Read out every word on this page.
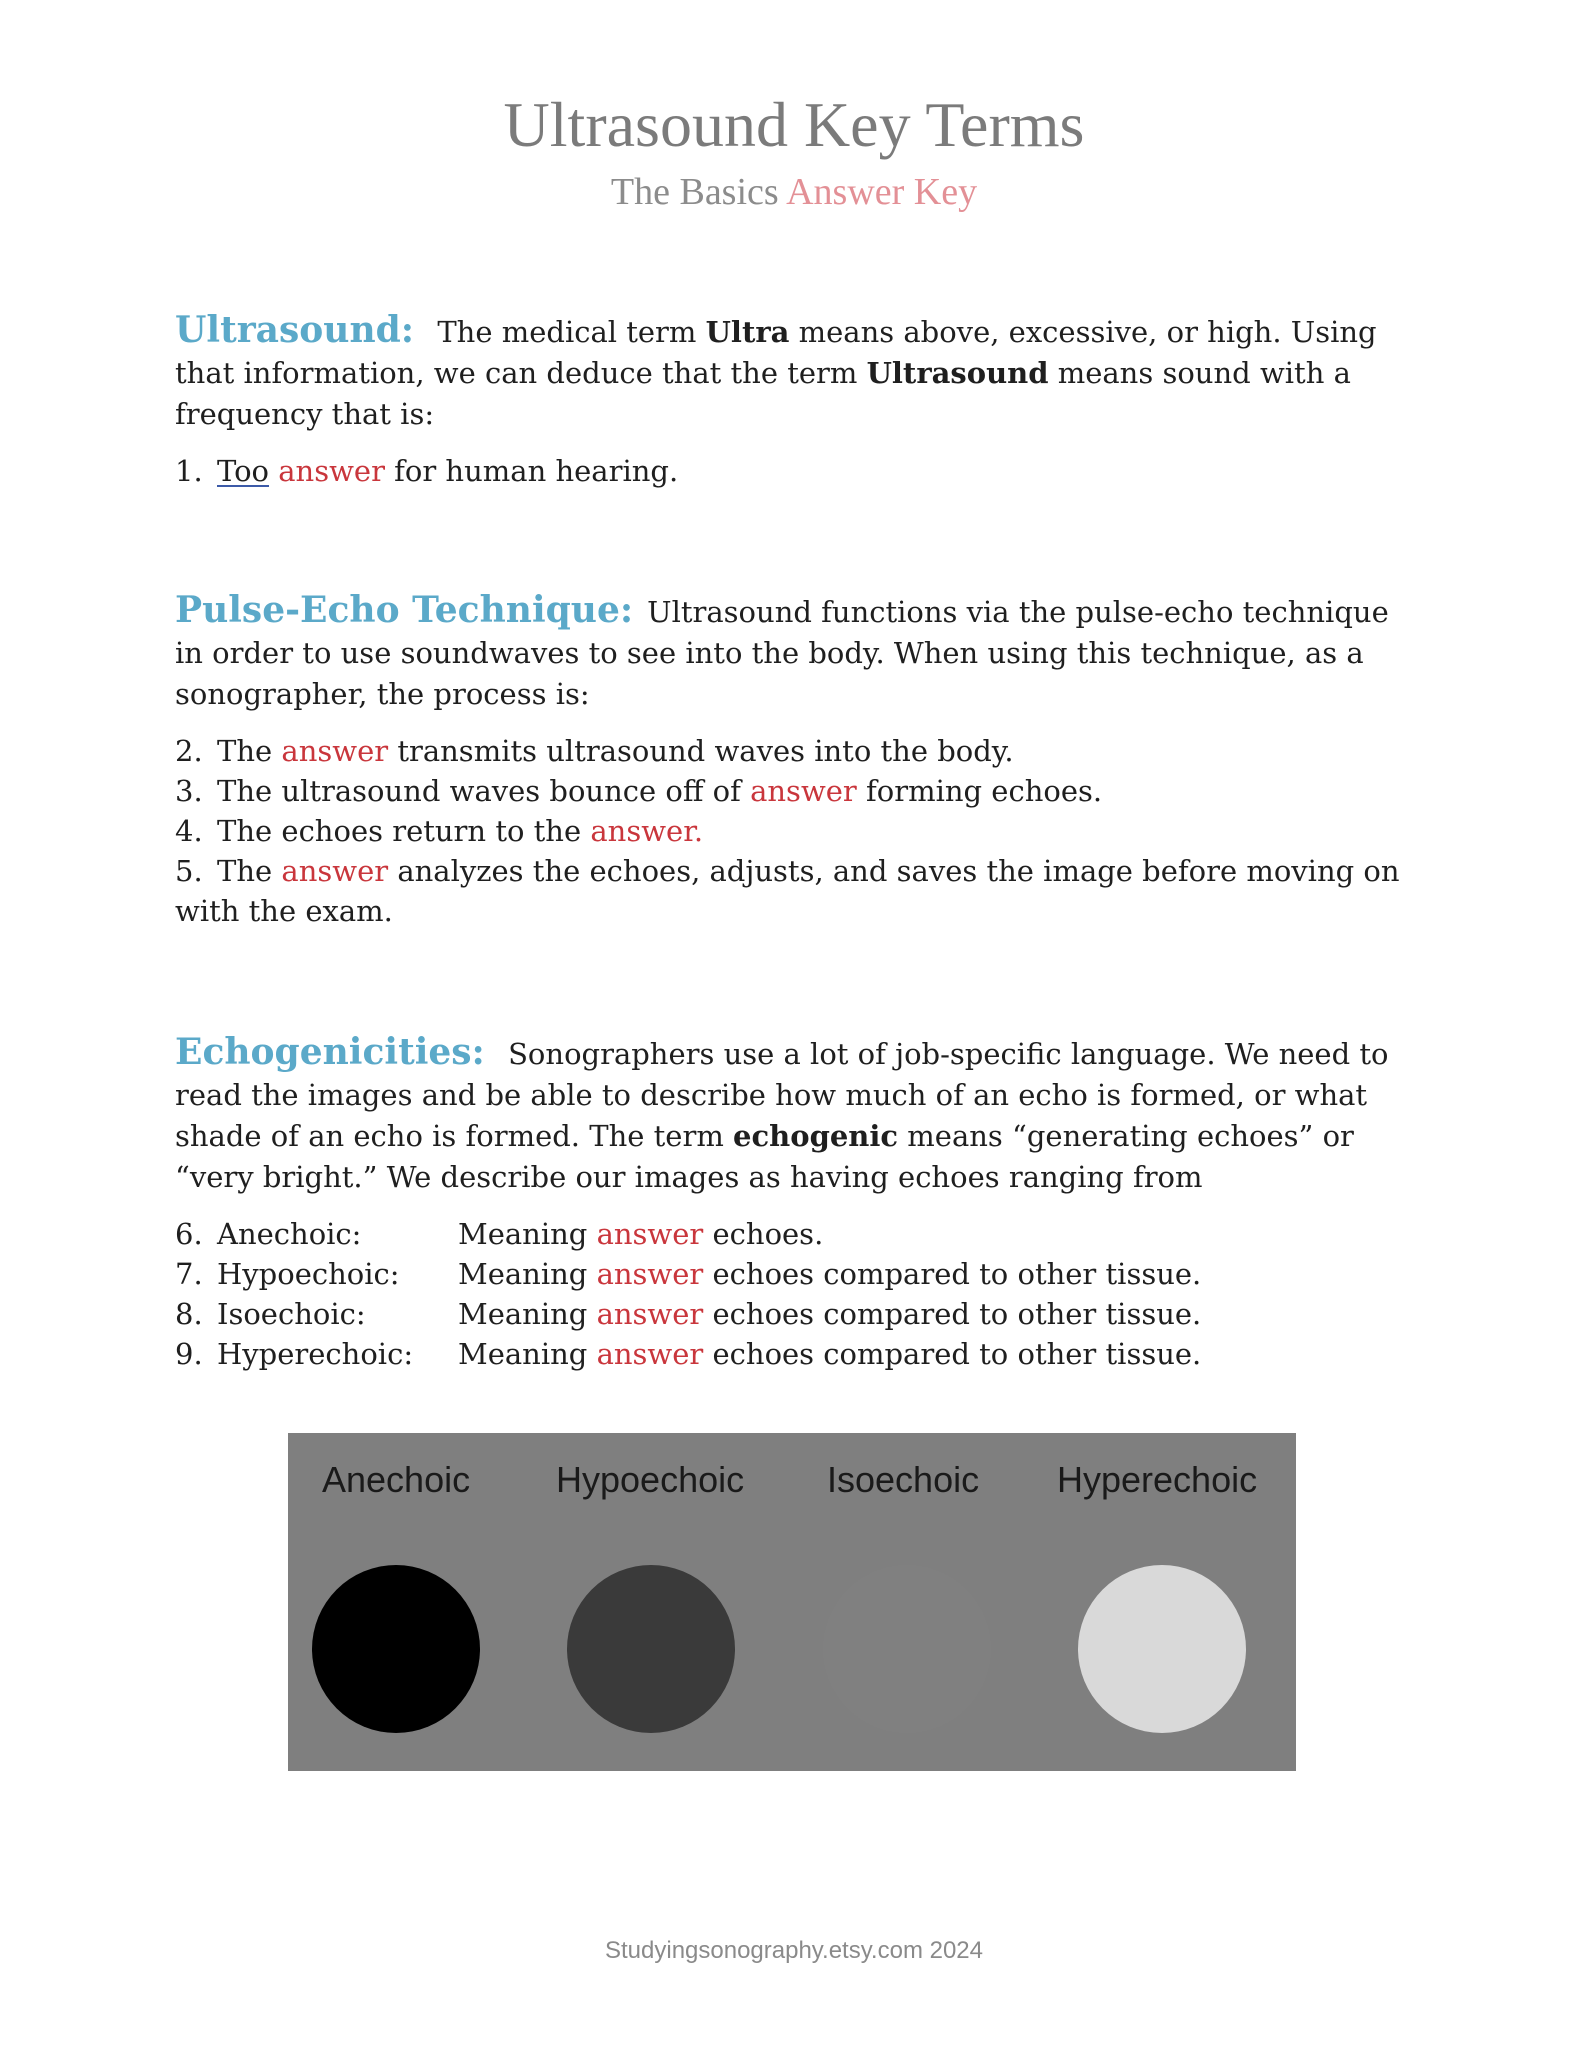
Ultrasound Key Terms
The Basics Answer Key

Ultrasound: The medical term Ultra means above, excessive, or high. Using that information, we can deduce that the term Ultrasound means sound with a frequency that is:

1. Too answer for human hearing.

Pulse-Echo Technique: Ultrasound functions via the pulse-echo technique in order to use soundwaves to see into the body. When using this technique, as a sonographer, the process is:

2. The answer transmits ultrasound waves into the body.
3. The ultrasound waves bounce off of answer forming echoes.
4. The echoes return to the answer.
5. The answer analyzes the echoes, adjusts, and saves the image before moving on with the exam.

Echogenicities: Sonographers use a lot of job-specific language. We need to read the images and be able to describe how much of an echo is formed, or what shade of an echo is formed. The term echogenic means “generating echoes” or “very bright.” We describe our images as having echoes ranging from

6. Anechoic:	Meaning answer echoes.
7. Hypoechoic: Meaning answer echoes compared to other tissue.
8. Isoechoic:	Meaning answer echoes compared to other tissue.
9. Hyperechoic: Meaning answer echoes compared to other tissue.
Anechoic Hypoechoic Isoechoic Hyperechoic
Studyingsonography.etsy.com 2024
